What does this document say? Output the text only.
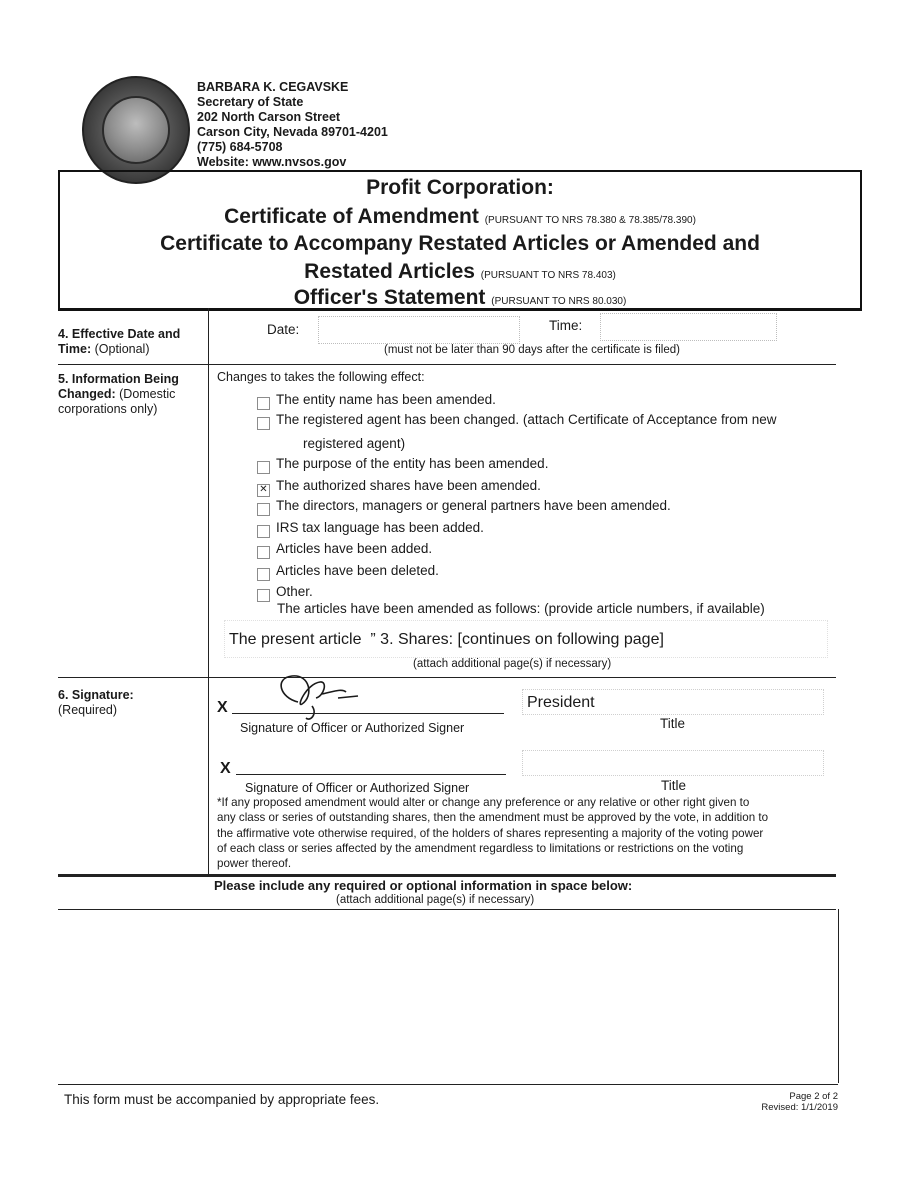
BARBARA K. CEGAVSKE
Secretary of State
202 North Carson Street
Carson City, Nevada 89701-4201
(775) 684-5708
Website: www.nvsos.gov
Profit Corporation:
Certificate of Amendment (PURSUANT TO NRS 78.380 & 78.385/78.390)
Certificate to Accompany Restated Articles or Amended and
Restated Articles (PURSUANT TO NRS 78.403)
Officer's Statement (PURSUANT TO NRS 80.030)
4. Effective Date and
Time: (Optional)
Date:	Time:
(must not be later than 90 days after the certificate is filed)
5. Information Being
Changed: (Domestic
corporations only)
Changes to takes the following effect:
The entity name has been amended.
The registered agent has been changed. (attach Certificate of Acceptance from new
registered agent)
The purpose of the entity has been amended.
✕ The authorized shares have been amended.
The directors, managers or general partners have been amended.
IRS tax language has been added.
Articles have been added.
Articles have been deleted.
Other.
The articles have been amended as follows: (provide article numbers, if available)
The present article  ” 3. Shares: [continues on following page]
(attach additional page(s) if necessary)
6. Signature:
(Required)	X
Signature of Officer or Authorized Signer
President
Title
X
Signature of Officer or Authorized Signer	Title
*If any proposed amendment would alter or change any preference or any relative or other right given to
any class or series of outstanding shares, then the amendment must be approved by the vote, in addition to
the affirmative vote otherwise required, of the holders of shares representing a majority of the voting power
of each class or series affected by the amendment regardless to limitations or restrictions on the voting
power thereof.
Please include any required or optional information in space below:
(attach additional page(s) if necessary)
This form must be accompanied by appropriate fees.	Page 2 of 2
Revised: 1/1/2019
